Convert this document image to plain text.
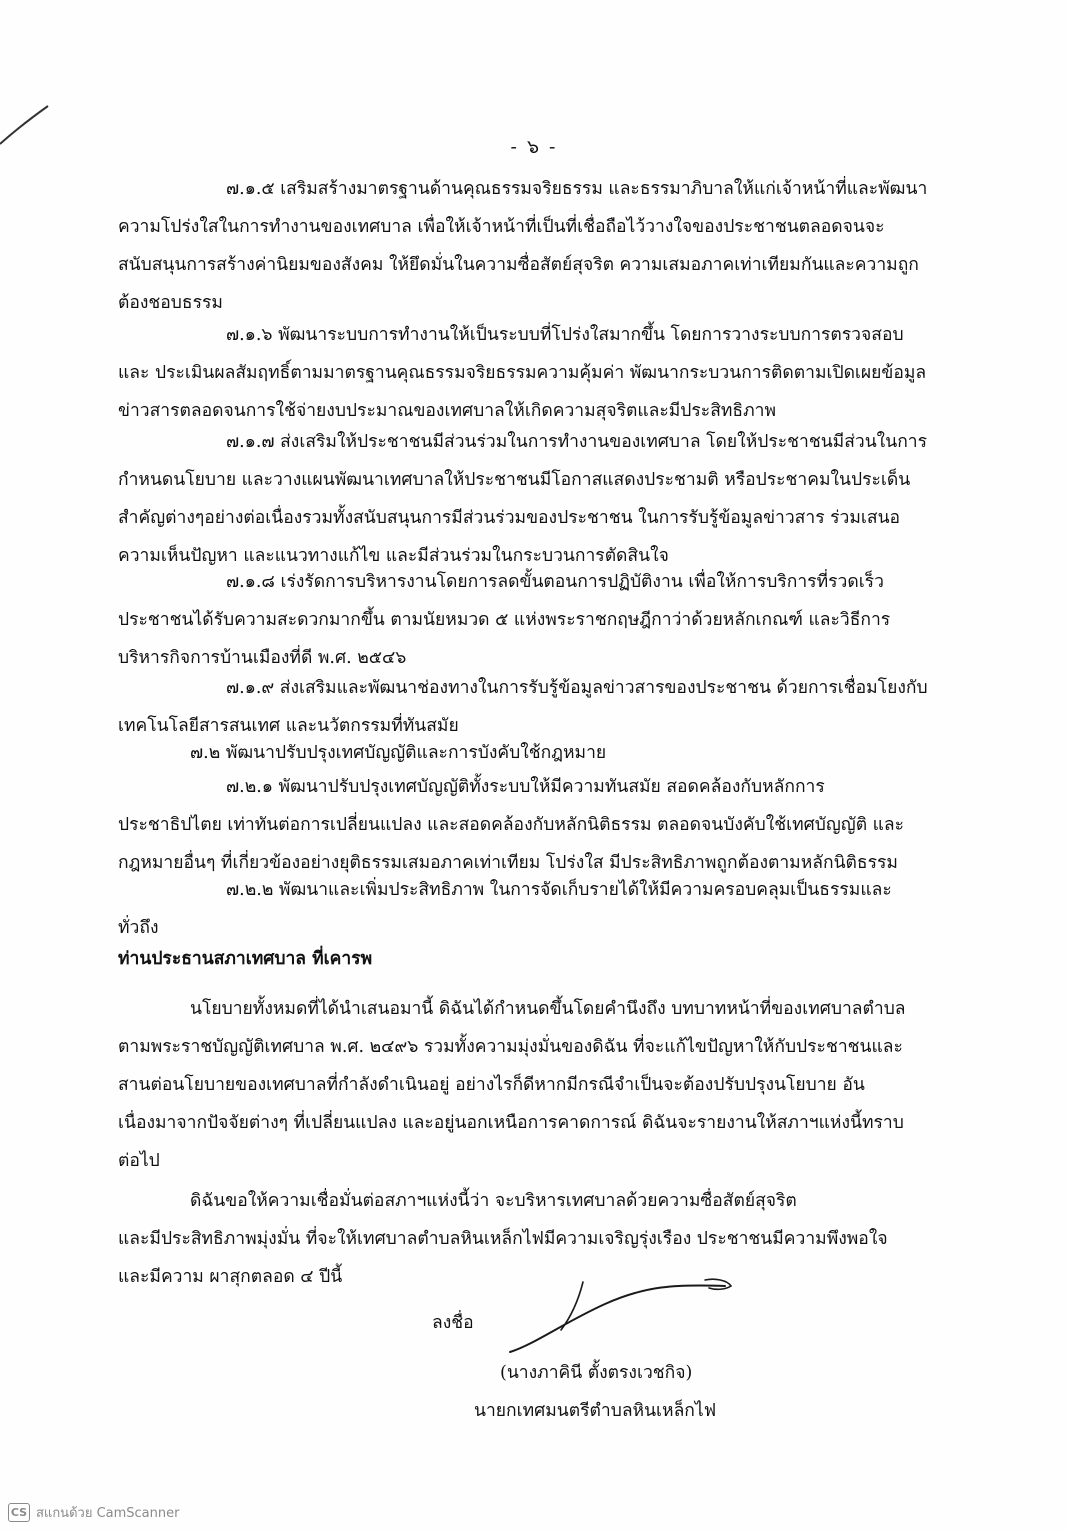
- ๖ -
๗.๑.๕ เสริมสร้างมาตรฐานด้านคุณธรรมจริยธรรม และธรรมาภิบาลให้แก่เจ้าหน้าที่และพัฒนา
ความโปร่งใสในการทำงานของเทศบาล เพื่อให้เจ้าหน้าที่เป็นที่เชื่อถือไว้วางใจของประชาชนตลอดจนจะ
สนับสนุนการสร้างค่านิยมของสังคม ให้ยึดมั่นในความซื่อสัตย์สุจริต ความเสมอภาคเท่าเทียมกันและความถูก
ต้องชอบธรรม
๗.๑.๖ พัฒนาระบบการทำงานให้เป็นระบบที่โปร่งใสมากขึ้น โดยการวางระบบการตรวจสอบ
และ ประเมินผลสัมฤทธิ์ตามมาตรฐานคุณธรรมจริยธรรมความคุ้มค่า พัฒนากระบวนการติดตามเปิดเผยข้อมูล
ข่าวสารตลอดจนการใช้จ่ายงบประมาณของเทศบาลให้เกิดความสุจริตและมีประสิทธิภาพ
๗.๑.๗ ส่งเสริมให้ประชาชนมีส่วนร่วมในการทำงานของเทศบาล โดยให้ประชาชนมีส่วนในการ
กำหนดนโยบาย และวางแผนพัฒนาเทศบาลให้ประชาชนมีโอกาสแสดงประชามติ หรือประชาคมในประเด็น
สำคัญต่างๆอย่างต่อเนื่องรวมทั้งสนับสนุนการมีส่วนร่วมของประชาชน ในการรับรู้ข้อมูลข่าวสาร ร่วมเสนอ
ความเห็นปัญหา และแนวทางแก้ไข และมีส่วนร่วมในกระบวนการตัดสินใจ
๗.๑.๘ เร่งรัดการบริหารงานโดยการลดขั้นตอนการปฏิบัติงาน เพื่อให้การบริการที่รวดเร็ว
ประชาชนได้รับความสะดวกมากขึ้น ตามนัยหมวด ๕ แห่งพระราชกฤษฎีกาว่าด้วยหลักเกณฑ์ และวิธีการ
บริหารกิจการบ้านเมืองที่ดี พ.ศ. ๒๕๔๖
๗.๑.๙ ส่งเสริมและพัฒนาช่องทางในการรับรู้ข้อมูลข่าวสารของประชาชน ด้วยการเชื่อมโยงกับ
เทคโนโลยีสารสนเทศ และนวัตกรรมที่ทันสมัย
๗.๒ พัฒนาปรับปรุงเทศบัญญัติและการบังคับใช้กฎหมาย
๗.๒.๑ พัฒนาปรับปรุงเทศบัญญัติทั้งระบบให้มีความทันสมัย สอดคล้องกับหลักการ
ประชาธิปไตย เท่าทันต่อการเปลี่ยนแปลง และสอดคล้องกับหลักนิติธรรม ตลอดจนบังคับใช้เทศบัญญัติ และ
กฎหมายอื่นๆ ที่เกี่ยวข้องอย่างยุติธรรมเสมอภาคเท่าเทียม โปร่งใส มีประสิทธิภาพถูกต้องตามหลักนิติธรรม
๗.๒.๒ พัฒนาและเพิ่มประสิทธิภาพ ในการจัดเก็บรายได้ให้มีความครอบคลุมเป็นธรรมและ
ทั่วถึง
ท่านประธานสภาเทศบาล ที่เคารพ
นโยบายทั้งหมดที่ได้นำเสนอมานี้ ดิฉันได้กำหนดขึ้นโดยคำนึงถึง บทบาทหน้าที่ของเทศบาลตำบล
ตามพระราชบัญญัติเทศบาล พ.ศ. ๒๔๙๖ รวมทั้งความมุ่งมั่นของดิฉัน ที่จะแก้ไขปัญหาให้กับประชาชนและ
สานต่อนโยบายของเทศบาลที่กำลังดำเนินอยู่ อย่างไรก็ดีหากมีกรณีจำเป็นจะต้องปรับปรุงนโยบาย อัน
เนื่องมาจากปัจจัยต่างๆ ที่เปลี่ยนแปลง และอยู่นอกเหนือการคาดการณ์ ดิฉันจะรายงานให้สภาฯแห่งนี้ทราบ
ต่อไป
ดิฉันขอให้ความเชื่อมั่นต่อสภาฯแห่งนี้ว่า จะบริหารเทศบาลด้วยความซื่อสัตย์สุจริต
และมีประสิทธิภาพมุ่งมั่น ที่จะให้เทศบาลตำบลหินเหล็กไฟมีความเจริญรุ่งเรือง ประชาชนมีความพึงพอใจ
และมีความ ผาสุกตลอด ๔ ปีนี้
ลงชื่อ
(นางภาคินี ตั้งตรงเวชกิจ)
นายกเทศมนตรีตำบลหินเหล็กไฟ
CS สแกนด้วย CamScanner
